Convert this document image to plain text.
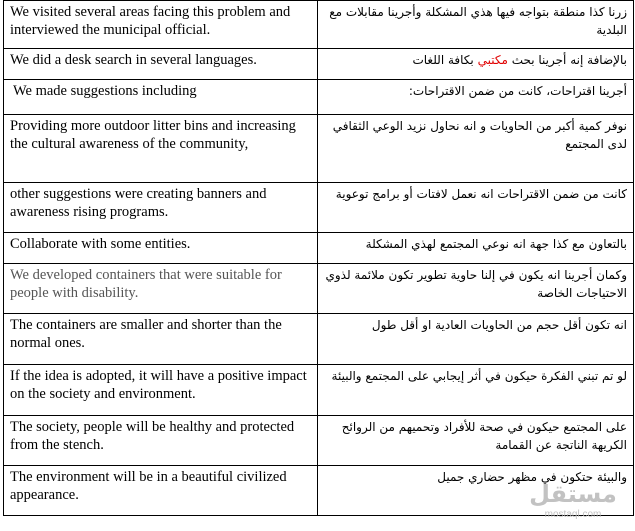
We visited several areas facing this problem and interviewed the municipal official.	زرنا كذا منطقة بتواجه فيها هذي المشكلة وأجرينا مقابلات مع البلدية
We did a desk search in several languages.	بالإضافة إنه أجرينا بحث مكتبي بكافة اللغات
We made suggestions including	أجرينا اقتراحات، كانت من ضمن الاقتراحات:
Providing more outdoor litter bins and increasing the cultural awareness of the community,	نوفر كمية أكبر من الحاويات و انه نحاول نزيد الوعي الثقافي لدى المجتمع
other suggestions were creating banners and awareness rising programs.	كانت من ضمن الاقتراحات انه نعمل لافتات أو برامج توعوية
Collaborate with some entities.	بالتعاون مع كذا جهة انه نوعي المجتمع لهذي المشكلة
We developed containers that were suitable for people with disability.	وكمان أجرينا انه يكون في إلنا حاوية تطوير تكون ملائمة لذوي الاحتياجات الخاصة
The containers are smaller and shorter than the normal ones.	انه تكون أقل حجم من الحاويات العادية او أقل طول
If the idea is adopted, it will have a positive impact on the society and environment.	لو تم تبني الفكرة حيكون في أثر إيجابي على المجتمع والبيئة
The society, people will be healthy and protected from the stench.	على المجتمع حيكون في صحة للأفراد وتحميهم من الروائح الكريهة الناتجة عن القمامة
The environment will be in a beautiful civilized appearance.	والبيئة حتكون في مظهر حضاري جميل
مستقل
mostaql.com
